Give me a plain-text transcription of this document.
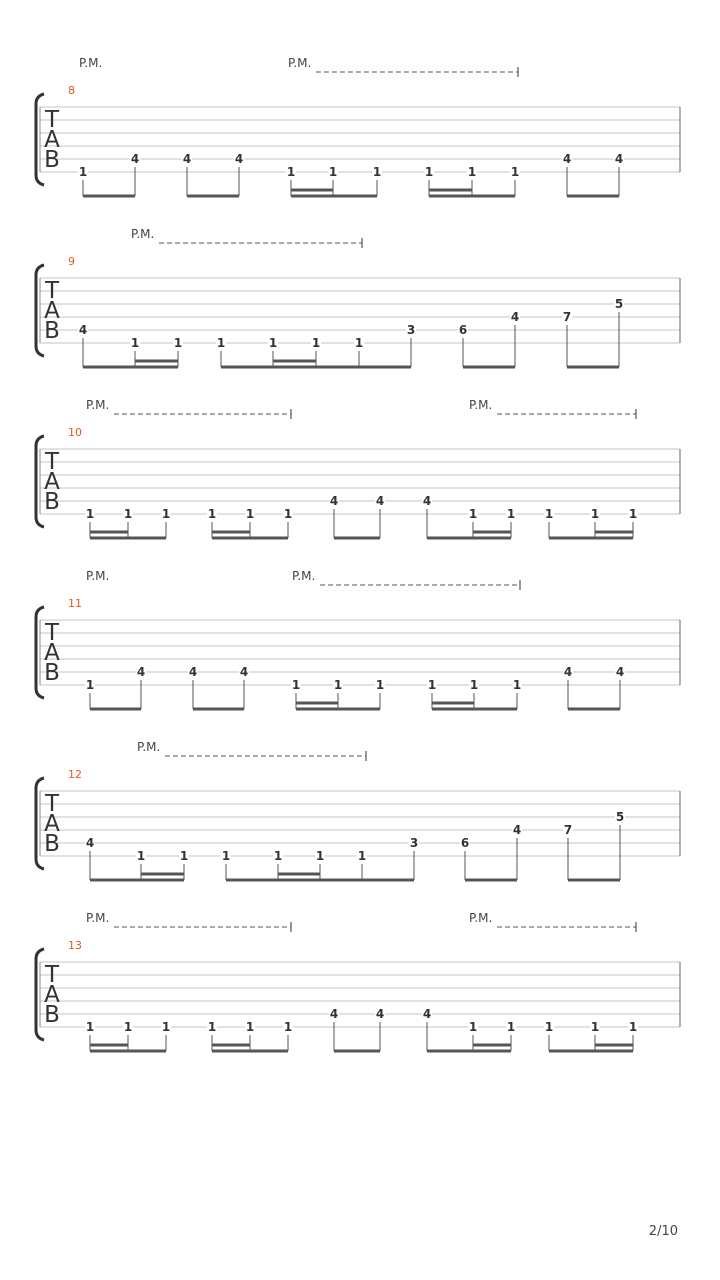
P.M.	P.M.
8
T
A
B 1
4	4	4
1	1	1	1	1	1
4	4
P.M.
9
T
A
B 4
1	1	1	1	1	1
3	6
4	7
5
P.M.	P.M.
10
T
A
B 1 1 1	1 1 1
4	4	4
1 1 1	1 1
P.M.	P.M.
11
T
A
B 1
4	4	4
1	1	1	1	1	1
4	4
P.M.
12
T
A
B 4
1	1	1	1	1	1
3	6
4	7
5
P.M.	P.M.
13
T
A
B 1 1 1	1 1 1
4	4	4
1 1 1	1 1
2/10
